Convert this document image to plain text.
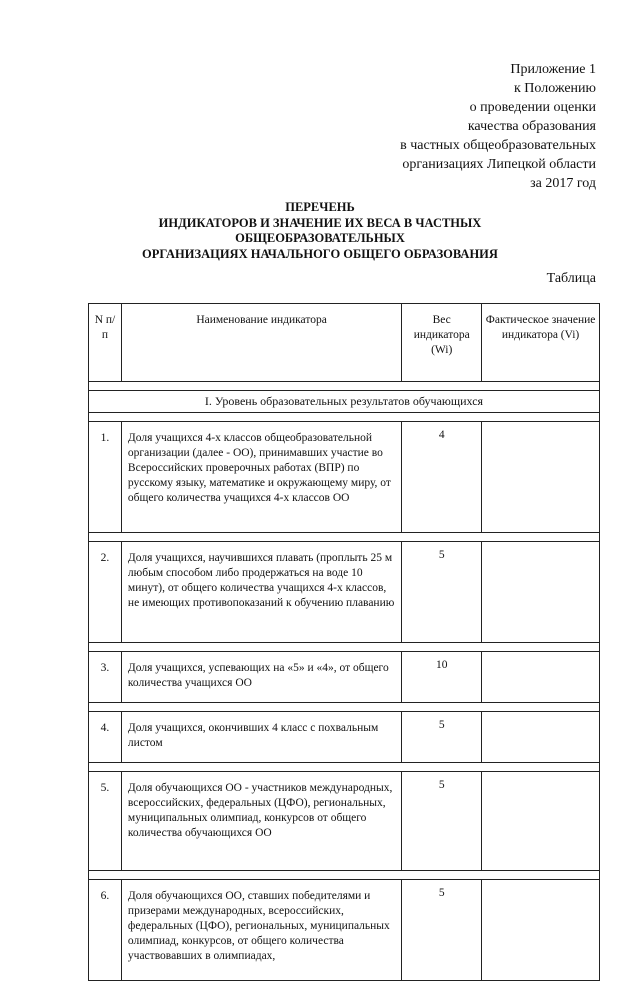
Приложение 1
к Положению
о проведении оценки
качества образования
в частных общеобразовательных
организациях Липецкой области
за 2017 год
ПЕРЕЧЕНЬ
ИНДИКАТОРОВ И ЗНАЧЕНИЕ ИХ ВЕСА В ЧАСТНЫХ
ОБЩЕОБРАЗОВАТЕЛЬНЫХ
ОРГАНИЗАЦИЯХ НАЧАЛЬНОГО ОБЩЕГО ОБРАЗОВАНИЯ
Таблица
N п/п	Наименование индикатора	Вес индикатора (Wi)	Фактическое значение индикатора (Vi)

I. Уровень образовательных результатов обучающихся			

1.	Доля учащихся 4-х классов общеобразовательной организации (далее - ОО), принимавших участие во Всероссийских проверочных работах (ВПР) по русскому языку, математике и окружающему миру, от общего количества учащихся 4-х классов ОО	4	

2.	Доля учащихся, научившихся плавать (проплыть 25 м любым способом либо продержаться на воде 10 минут), от общего количества учащихся 4-х классов, не имеющих противопоказаний к обучению плаванию	5	

3.	Доля учащихся, успевающих на «5» и «4», от общего количества учащихся ОО	10	

4.	Доля учащихся, окончивших 4 класс с похвальным листом	5	

5.	Доля обучающихся ОО - участников международных, всероссийских, федеральных (ЦФО), региональных, муниципальных олимпиад, конкурсов от общего количества обучающихся ОО	5	

6.	Доля обучающихся ОО, ставших победителями и призерами международных, всероссийских, федеральных (ЦФО), региональных, муниципальных олимпиад, конкурсов, от общего количества участвовавших в олимпиадах,	5	
